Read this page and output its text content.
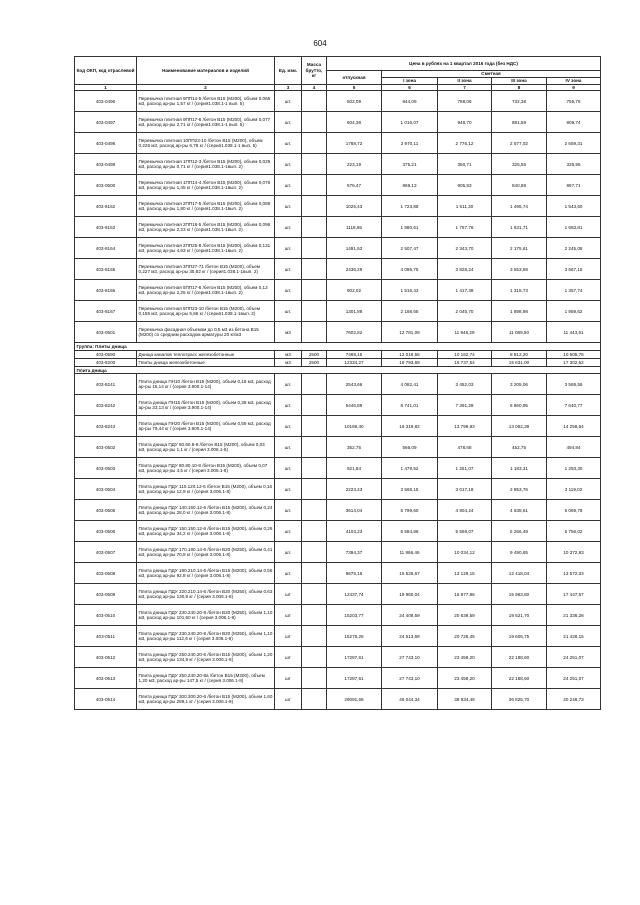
604
Код ОКП, код отраслевой	Наименование материалов и изделий	Ед. изм.	Масса брутто, кг	Цена в рублях на 1 квартал 2016 года (без НДС)				
				отпускная	Сметная			
					I зона	II зона	III зона	IV зона
1	2	3	4	5	6	7	8	9
403-0496	Перемычка плитная 9ПП14-5 /бетон В15 (М200), объем 0,065 м3, расход ар-ры 1,57 кг / (серия1.038.1-1 вып. 5)	шт.		502,09	844,09	788,06	732,38	755,76
403-0497	Перемычка плитная 9ПП17-6 /бетон В15 (М200), объем 0,077 м3, расход ар-ры 2,71 кг / (серия1.038.1-1 вып. 5)	шт.		604,38	1 016,07	948,70	881,59	909,74
403-0498	Перемычка плитная 10ПП23-10 /бетон В15 (М200), объем 0,226 м3, расход ар-ры 6,78 кг / (серия1.038.1-1 вып. 5)	шт.		1768,72	2 970,11	2 776,12	2 577,02	2 659,31
403-0499	Перемычка плитная 1ПП12-3 /бетон В15 (М200), объем 0,029 м3, расход ар-ры 0,71 кг / (серия1.038.1-1вып. 2)	шт.		223,19	375,21	350,71	325,55	335,95
403-0500	Перемычка плитная 1ПП14-4 /бетон В15 (М200), объем 0,076 м3, расход ар-ры 1,45 кг / (серия1.038.1-1вып. 2)	шт.		576,47	969,13	905,83	840,88	867,71
403-8162	Перемычка плитная 2ПП17-5 /бетон В15 (М200), объем 0,089 м3, расход ар-ры 1,80 кг / (серия1.038.1-1вып. 2)	шт.		1025,43	1 723,88	1 611,30	1 495,74	1 543,50
403-8163	Перемычка плитная 2ПП18-5 /бетон В15 (М200), объем 0,096 м3, расход ар-ры 2,23 кг / (серия1.038.1-1вып. 2)	шт.		1118,65	1 880,61	1 757,78	1 631,71	1 683,81
403-8164	Перемычка плитная 2ПП25-8 /бетон В15 (М200), объем 0,131 м3, расход ар-ры 4,63 кг / (серия1.038.1-1вып. 2)	шт.		1491,53	2 507,47	2 343,70	2 175,61	2 245,08
403-8165	Перемычка плитная 3ПП27-71 /бетон В15 (М200), объем 0,227 м3, расход ар-ры 35,82 кг / (серия1.038.1-1вып. 2)	шт.		2436,29	4 095,75	3 828,24	3 553,68	3 667,15
403-8166	Перемычка плитная 5ПП17-6 /бетон В15 (М200), объем 0,12 м3, расход ар-ры 2,25 кг / (серия1.038.1-1вып. 2)	шт.		902,02	1 516,43	1 417,38	1 315,73	1 357,74
403-8167	Перемычка плитная 5ПП23-10 /бетон В15 (М200), объем 0,155 м3, расход ар-ры 5,66 кг / (серия1.038.1-1вып. 2)	шт.		1301,88	2 188,65	2 045,70	1 898,98	1 959,62
403-0501	Перемычка фасадная объемом до 0,5 м3 из бетона В15 (М200) со средним расходом арматуры 20 кг/м3	м3		7602,82	12 781,09	11 946,29	11 089,50	11 443,61
Группа: Плиты днища								
403-0590	Днища каналов теплотрасс железобетонные	м3	2500	7469,15	12 018,56	10 162,74	8 812,20	10 505,76
403-8200	Плиты днища железобетонные	м3	2500	12334,27	19 793,69	16 737,54	15 631,00	17 302,52
Плита днища								
403-8241	Плита днища ПН10 /бетон В15 (М200), объем 0,18 м3, расход ар-ры 15,14 кг / (серия 3.900.1-14)	шт.		2543,66	4 082,41	3 452,03	3 205,06	3 568,56
403-8242	Плита днища ПН15 /бетон В15 (М200), объем 0,38 м3, расход ар-ры 33,13 кг / (серия 3.900.1-14)	шт.		5446,89	8 741,01	7 391,28	6 860,95	7 640,77
403-8243	Плита днища ПН20 /бетон В15 (М200), объем 0,59 м3, расход ар-ры 79,44 кг / (серия 3.900.1-14)	шт.		10189,40	16 319,82	13 799,83	13 052,39	14 258,64
403-0502	Плита днища ПДУ 60.60.8-8 /бетон В15 (М200), объем 0,03 м3, расход ар-ры 1,1 кг / (серия 3.006.1-8)	шт.		352,75	566,09	478,68	452,75	494,84
403-0503	Плита днища ПДУ 80.80.10-8 /бетон В15 (М200), объем 0,07 м3, расход ар-ры 4,5 кг / (серия 3.006.1-8)	шт.		921,84	1 479,52	1 251,07	1 183,31	1 293,30
403-0504	Плита днища ПДУ 110.120.12-6 /бетон В15 (М200), объем 0,16 м3, расход ар-ры 12,9 кг / (серия 3.006.1-8)	шт.		2223,43	3 568,15	3 017,18	2 853,76	3 119,02
403-0505	Плита днища ПДУ 140.150.12-6 /бетон В15 (М200), объем 0,24 м3, расход ар-ры 28,0 кг / (серия 3.006.1-8)	шт.		3614,04	5 799,60	4 904,24	4 638,61	5 069,78
403-0506	Плита днища ПДУ 150.150.12-6 /бетон В15 (М200), объем 0,26 м3, расход ар-ры 34,2 кг / (серия 3.006.1-8)	шт.		4103,23	6 584,86	5 568,07	5 266,49	5 756,02
403-0507	Плита днища ПДУ 170.180.14-6 /бетон В20 (М250), объем 0,41 м3, расход ар-ры 70,8 кг / (серия 3.006.1-8)	шт.		7394,37	11 866,46	10 034,12	9 490,65	10 372,83
403-0508	Плита днища ПДУ 190.210.14-6 /бетон В15 (М200), объем 0,56 м3, расход ар-ры 92,8 кг / (серия 3.006.1-8)	шт.		9675,16	15 526,67	13 129,15	12 418,04	13 572,33
403-0509	Плита днища ПДУ 220.210.14-6 /бетон В20 (М250), объем 0,63 м3, расход ар-ры 130,9 кг / (серия 3.006.1-8)	шт		12437,74	19 960,04	16 877,96	15 963,80	17 447,57
403-0510	Плита днища ПДУ 230.240.20-8 /бетон В20 (М250), объем 1,10 м3, расход ар-ры 101,50 кг / (серия 3.006.1-8)	шт		15203,77	24 408,59	20 639,59	19 521,70	21 336,28
403-0511	Плита днища ПДУ 230.240.20-8 /бетон В20 (М250), объем 1,10 м3, расход ар-ры 112,6 кг / (серия 3.006.1-8)	шт		15275,25	24 513,69	20 728,45	19 605,75	21 428,15
403-0512	Плита днища ПДУ 250.240.20-6 /бетон В15 (М200), объем 1,20 м3, расход ар-ры 134,9 кг / (серия 3.006.1-8)	шт		17287,61	27 743,10	23 459,20	22 188,60	24 251,07
403-0513	Плита днища ПДУ 250.240.20-8а /бетон В15 (М200), объем 1,20 м3, расход ар-ры 147,5 кг / (серия 3.006.1-8)	шт		17287,61	27 743,10	23 459,20	22 188,60	24 251,07
403-0514	Плита днища ПДУ 300.300.20-6 /бетон В15 (М200), объем 1,60 м3, расход ар-ры 289,1 кг / (серия 3.006.1-8)	шт		29091,69	46 044,34	38 934,49	36 825,70	40 248,73
